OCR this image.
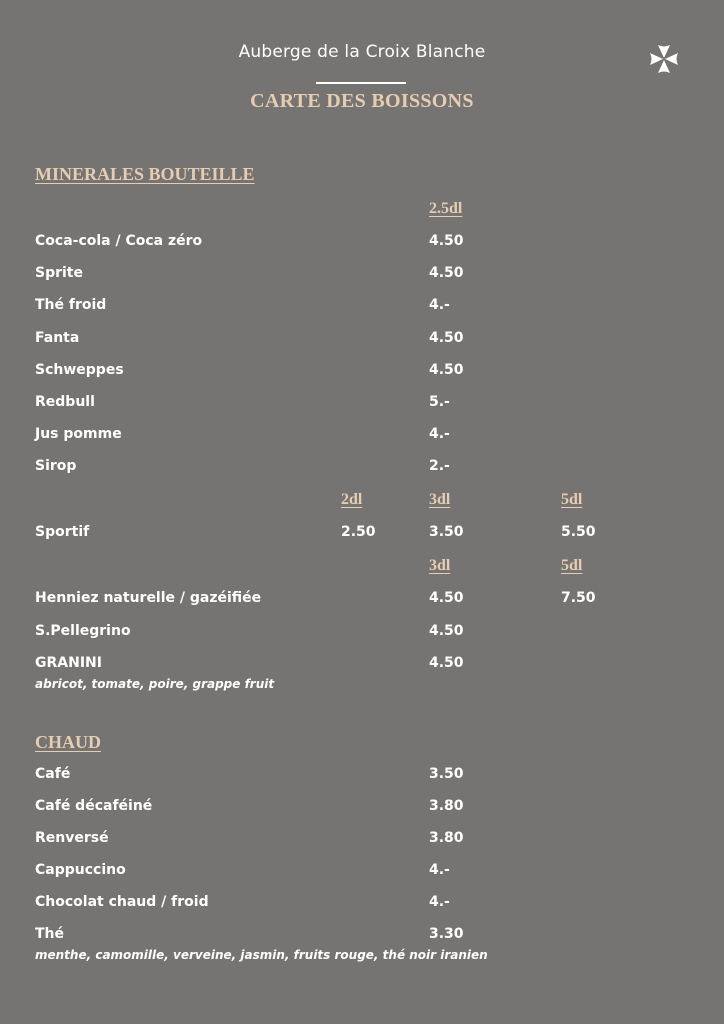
Auberge de la Croix Blanche
CARTE DES BOISSONS
MINERALES BOUTEILLE
2.5dl
Coca-cola / Coca zéro	4.50
Sprite	4.50
Thé froid	4.-
Fanta	4.50
Schweppes	4.50
Redbull	5.-
Jus pomme	4.-
Sirop	2.-
2dl	3dl	5dl
Sportif	2.50	3.50	5.50
3dl	5dl
Henniez naturelle / gazéifiée	4.50	7.50
S.Pellegrino	4.50
GRANINI	4.50
abricot, tomate, poire, grappe fruit
CHAUD
Café	3.50
Café décaféiné	3.80
Renversé	3.80
Cappuccino	4.-
Chocolat chaud / froid	4.-
Thé	3.30
menthe, camomille, verveine, jasmin, fruits rouge, thé noir iranien
